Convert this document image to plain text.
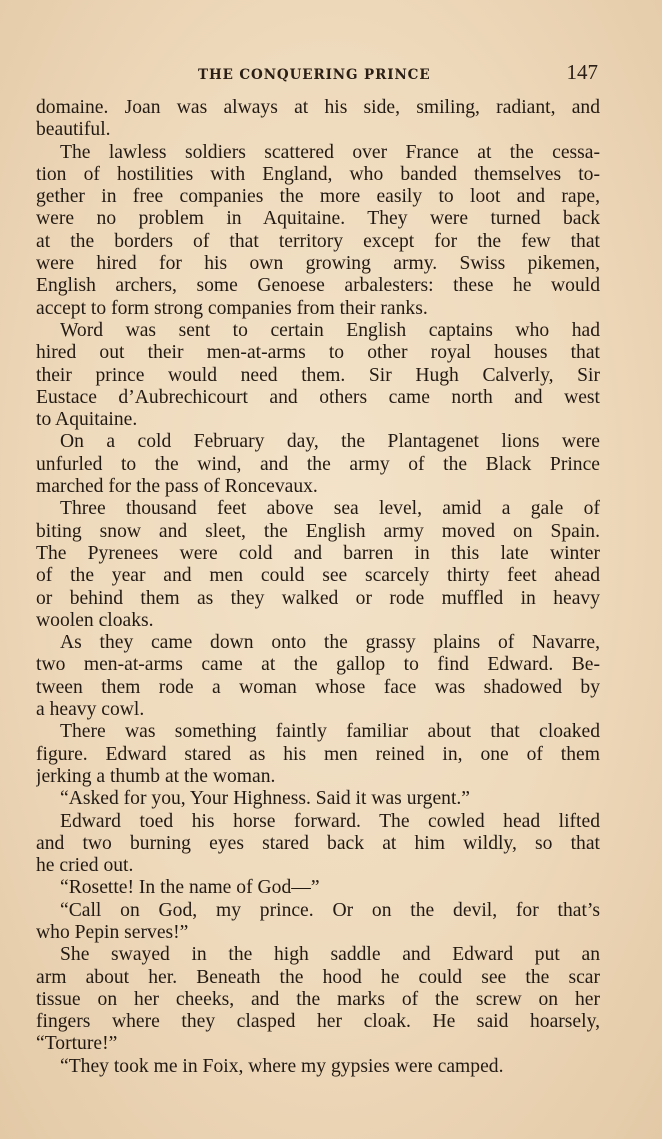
THE CONQUERING PRINCE	147
domaine. Joan was always at his side, smiling, radiant, and
beautiful.
The lawless soldiers scattered over France at the cessa-
tion of hostilities with England, who banded themselves to-
gether in free companies the more easily to loot and rape,
were no problem in Aquitaine. They were turned back
at the borders of that territory except for the few that
were hired for his own growing army. Swiss pikemen,
English archers, some Genoese arbalesters: these he would
accept to form strong companies from their ranks.
Word was sent to certain English captains who had
hired out their men-at-arms to other royal houses that
their prince would need them. Sir Hugh Calverly, Sir
Eustace d’Aubrechicourt and others came north and west
to Aquitaine.
On a cold February day, the Plantagenet lions were
unfurled to the wind, and the army of the Black Prince
marched for the pass of Roncevaux.
Three thousand feet above sea level, amid a gale of
biting snow and sleet, the English army moved on Spain.
The Pyrenees were cold and barren in this late winter
of the year and men could see scarcely thirty feet ahead
or behind them as they walked or rode muffled in heavy
woolen cloaks.
As they came down onto the grassy plains of Navarre,
two men-at-arms came at the gallop to find Edward. Be-
tween them rode a woman whose face was shadowed by
a heavy cowl.
There was something faintly familiar about that cloaked
figure. Edward stared as his men reined in, one of them
jerking a thumb at the woman.
“Asked for you, Your Highness. Said it was urgent.”
Edward toed his horse forward. The cowled head lifted
and two burning eyes stared back at him wildly, so that
he cried out.
“Rosette! In the name of God—”
“Call on God, my prince. Or on the devil, for that’s
who Pepin serves!”
She swayed in the high saddle and Edward put an
arm about her. Beneath the hood he could see the scar
tissue on her cheeks, and the marks of the screw on her
fingers where they clasped her cloak. He said hoarsely,
“Torture!”
“They took me in Foix, where my gypsies were camped.
